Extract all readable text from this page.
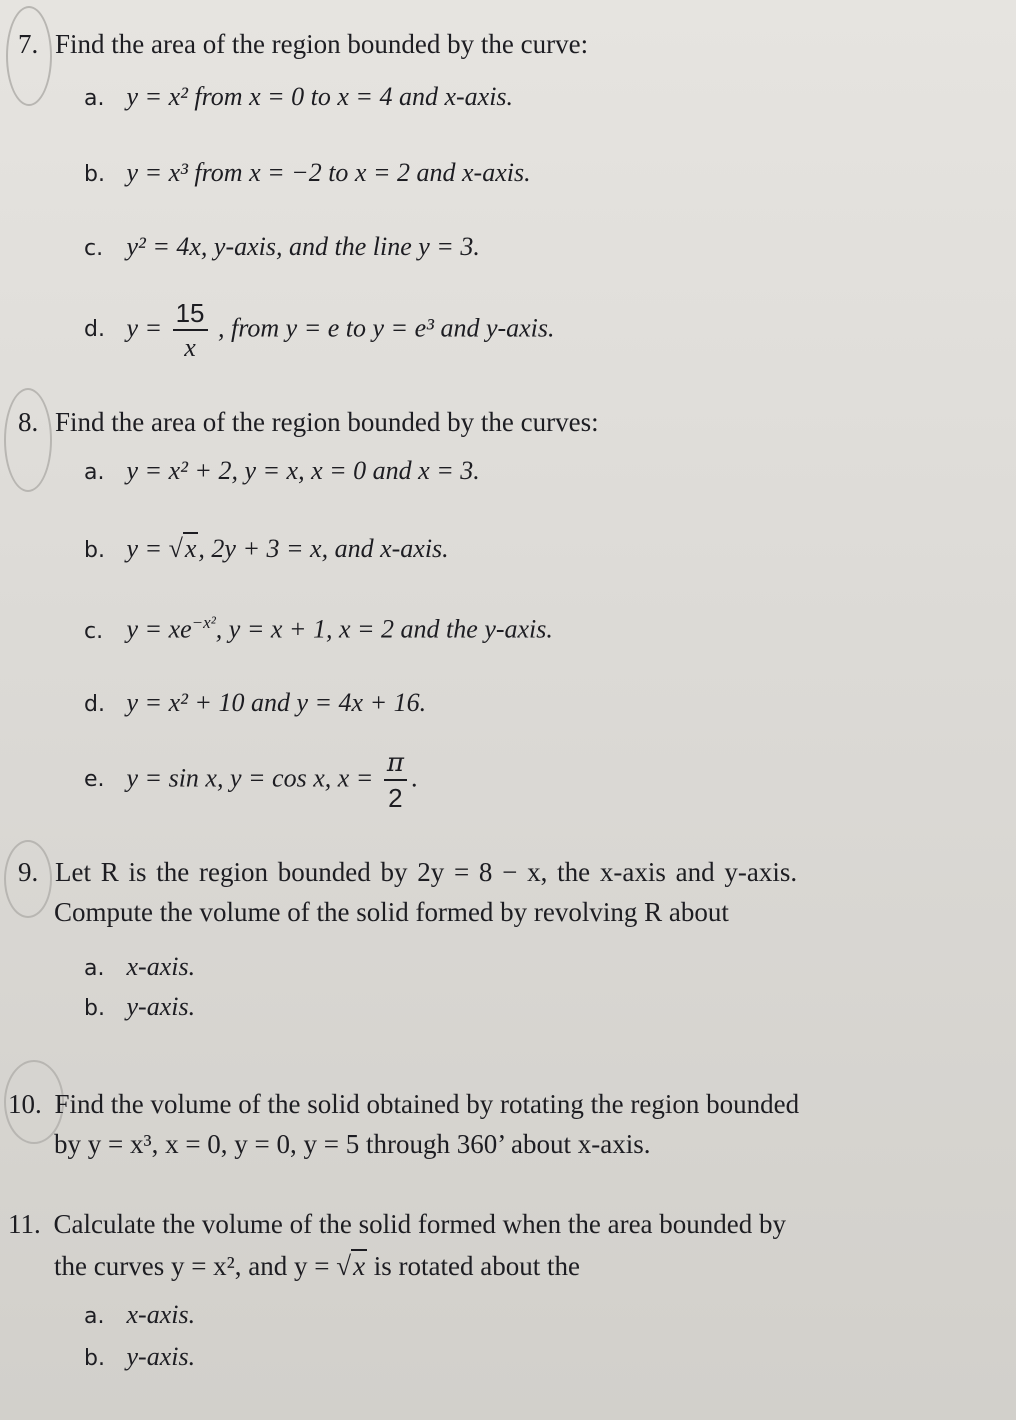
7. Find the area of the region bounded by the curve:
a. y = x² from x = 0 to x = 4 and x-axis.
b. y = x³ from x = −2 to x = 2 and x-axis.
c. y² = 4x, y-axis, and the line y = 3.
d. $y = \frac{15}{x}$ , from y = e to y = e³ and y-axis.
8. Find the area of the region bounded by the curves:
a. y = x² + 2, y = x, x = 0 and x = 3.
b. y = √x, 2y + 3 = x, and x-axis.
c. $y = xe^{-x^2}$, y = x + 1, x = 2 and the y-axis.
d. y = x² + 10 and y = 4x + 16.
e. y = sin x, y = cos x, $x = \frac{\pi}{2}$ .
9. Let R is the region bounded by 2y = 8 − x, the x-axis and y-axis.
Compute the volume of the solid formed by revolving R about
a. x-axis.
b. y-axis.
10. Find the volume of the solid obtained by rotating the region bounded
by y = x³, x = 0, y = 0, y = 5 through 360’ about x-axis.
11. Calculate the volume of the solid formed when the area bounded by
the curves y = x², and y = √x is rotated about the
a. x-axis.
b. y-axis.
